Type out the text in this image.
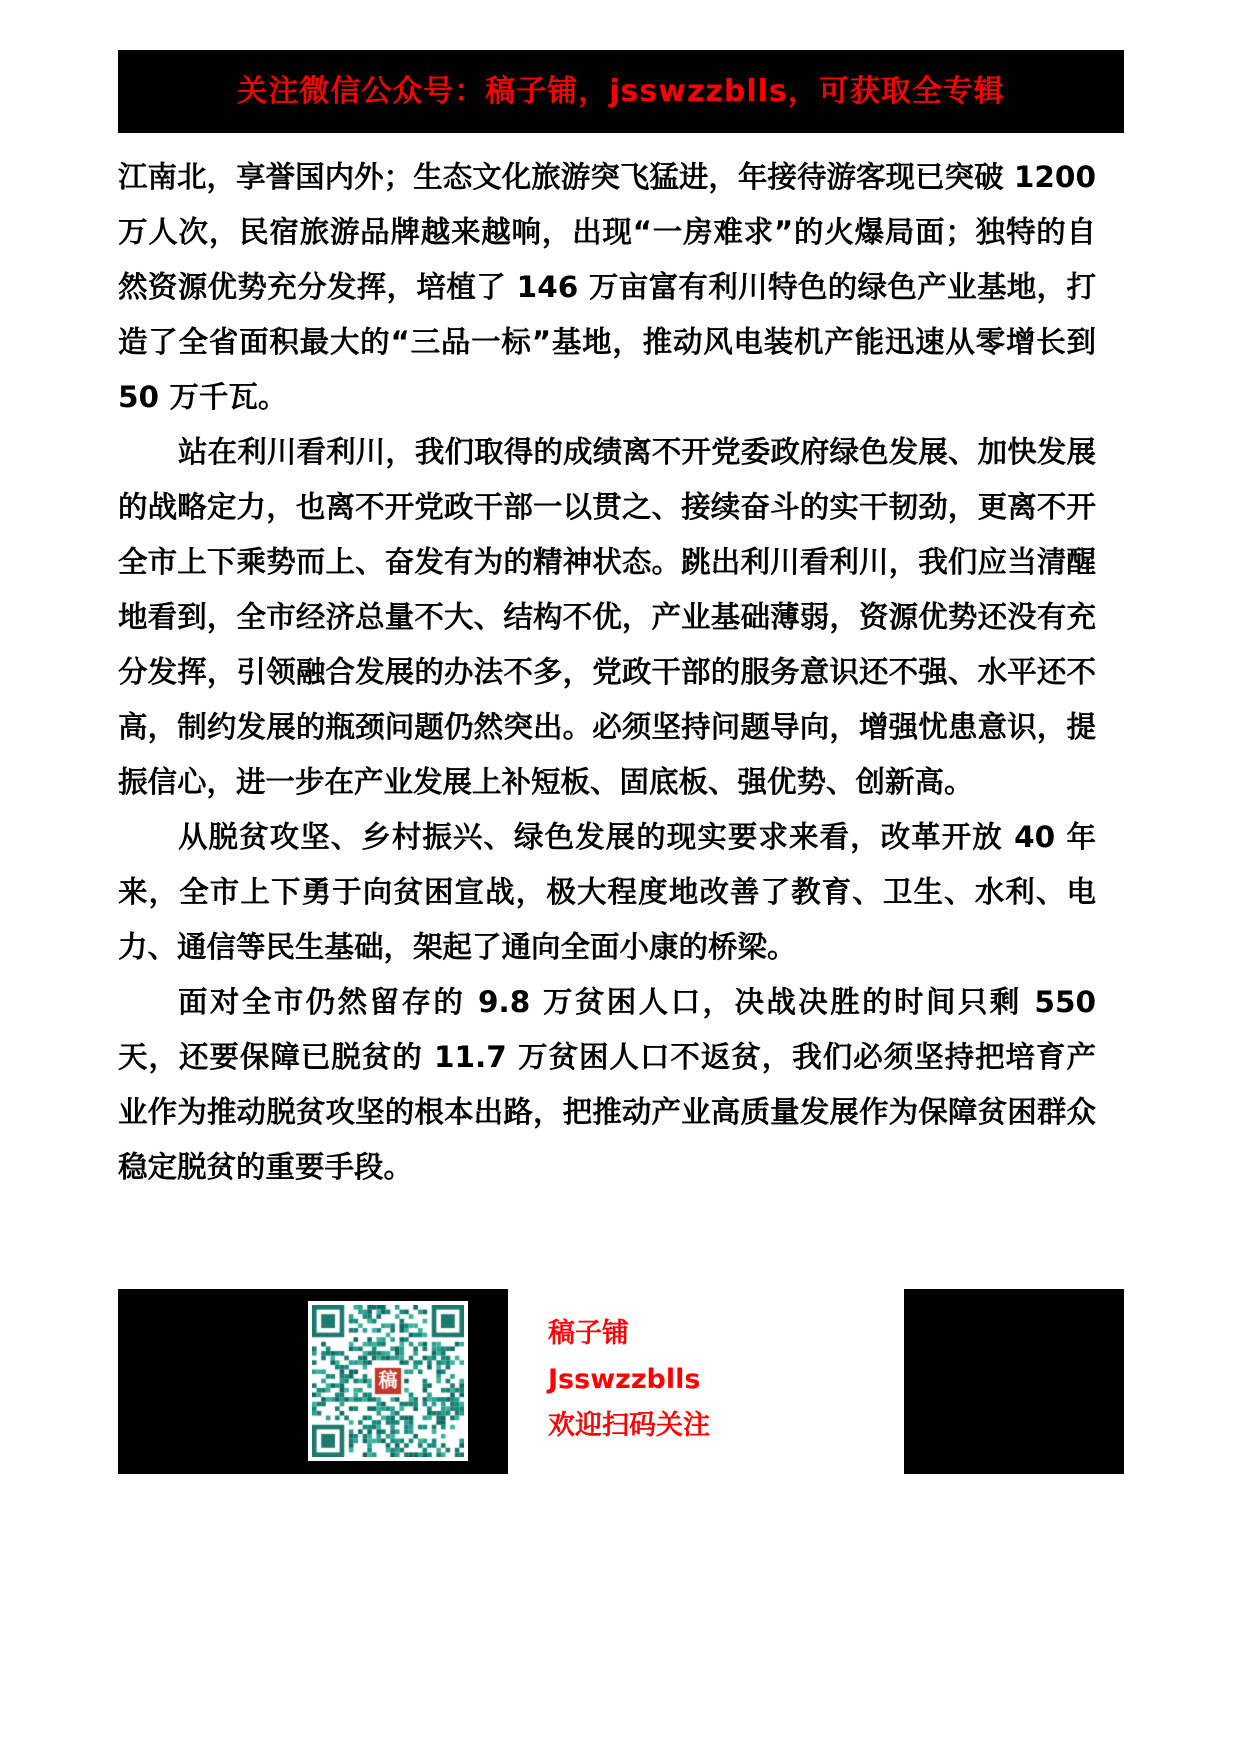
关注微信公众号：稿子铺，jsswzzblls，可获取全专辑

江南北，享誉国内外；生态文化旅游突飞猛进，年接待游客现已突破 1200 万人次，民宿旅游品牌越来越响，出现“一房难求”的火爆局面；独特的自然资源优势充分发挥，培植了 146 万亩富有利川特色的绿色产业基地，打造了全省面积最大的“三品一标”基地，推动风电装机产能迅速从零增长到 50 万千瓦。

站在利川看利川，我们取得的成绩离不开党委政府绿色发展、加快发展的战略定力，也离不开党政干部一以贯之、接续奋斗的实干韧劲，更离不开全市上下乘势而上、奋发有为的精神状态。跳出利川看利川，我们应当清醒地看到，全市经济总量不大、结构不优，产业基础薄弱，资源优势还没有充分发挥，引领融合发展的办法不多，党政干部的服务意识还不强、水平还不高，制约发展的瓶颈问题仍然突出。必须坚持问题导向，增强忧患意识，提振信心，进一步在产业发展上补短板、固底板、强优势、创新高。

从脱贫攻坚、乡村振兴、绿色发展的现实要求来看，改革开放 40 年来，全市上下勇于向贫困宣战，极大程度地改善了教育、卫生、水利、电力、通信等民生基础，架起了通向全面小康的桥梁。

面对全市仍然留存的 9.8 万贫困人口，决战决胜的时间只剩 550 天，还要保障已脱贫的 11.7 万贫困人口不返贫，我们必须坚持把培育产业作为推动脱贫攻坚的根本出路，把推动产业高质量发展作为保障贫困群众稳定脱贫的重要手段。

稿子铺
Jsswzzblls
欢迎扫码关注
